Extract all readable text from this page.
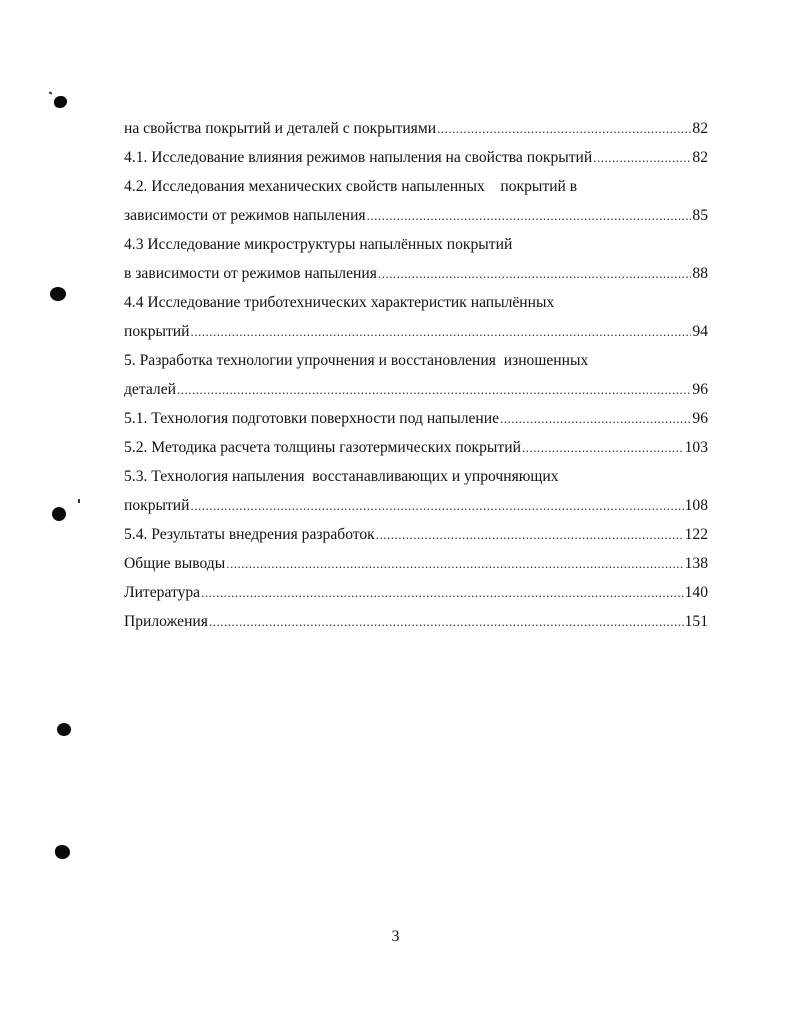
на свойства покрытий и деталей с покрытиями .....	82
4.1. Исследование влияния режимов напыления на свойства покрытий .....	82
4.2. Исследования механических свойств напыленных    покрытий в
зависимости от режимов напыления .....	85
4.3 Исследование микроструктуры напылённых покрытий
в зависимости от режимов напыления .....	88
4.4 Исследование триботехнических характеристик напылённых
покрытий .....	94
5. Разработка технологии упрочнения и восстановления  изношенных
деталей .....	96
5.1. Технология подготовки поверхности под напыление .....	96
5.2. Методика расчета толщины газотермических покрытий .....	103
5.3. Технология напыления  восстанавливающих и упрочняющих
покрытий .....	108
5.4. Результаты внедрения разработок .....	122
Общие выводы .....	138
Литература .....	140
Приложения .....	151
3
